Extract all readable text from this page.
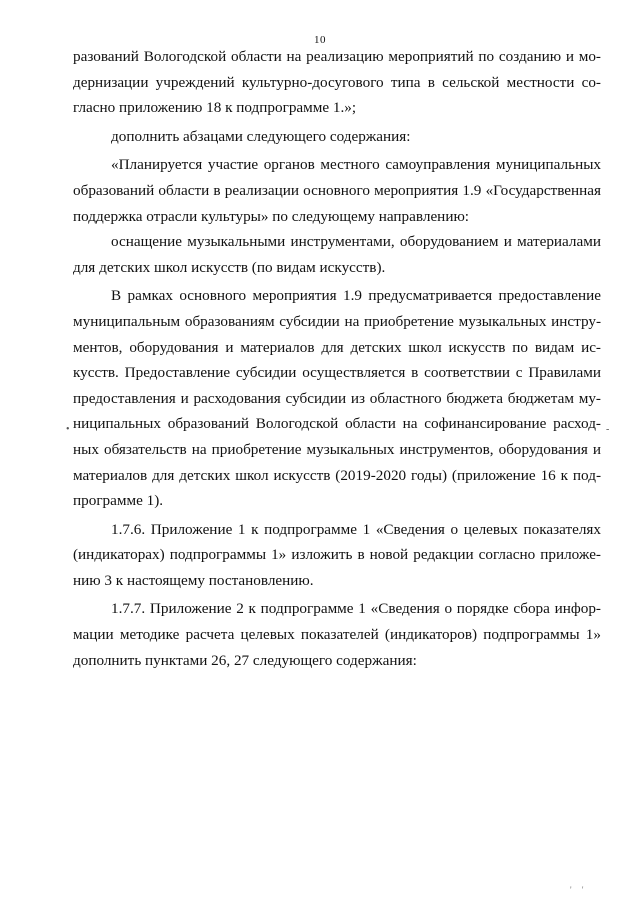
10
разований Вологодской области на реализацию мероприятий по созданию и мо-
дернизации учреждений культурно-досугового типа в сельской местности со-
гласно приложению 18 к подпрограмме 1.»;
дополнить абзацами следующего содержания:
«Планируется участие органов местного самоуправления муниципальных
образований области в реализации основного мероприятия 1.9 «Государственная
поддержка отрасли культуры» по следующему направлению:
оснащение музыкальными инструментами, оборудованием и материалами
для детских школ искусств (по видам искусств).
В рамках основного мероприятия 1.9 предусматривается предоставление
муниципальным образованиям субсидии на приобретение музыкальных инстру-
ментов, оборудования и материалов для детских школ искусств по видам ис-
кусств. Предоставление субсидии осуществляется в соответствии с Правилами
предоставления и расходования субсидии из областного бюджета бюджетам му-
ниципальных образований Вологодской области на софинансирование расход-
ных обязательств на приобретение музыкальных инструментов, оборудования и
материалов для детских школ искусств (2019-2020 годы) (приложение 16 к под-
программе 1).
1.7.6. Приложение 1 к подпрограмме 1 «Сведения о целевых показателях
(индикаторах) подпрограммы 1» изложить в новой редакции согласно приложе-
нию 3 к настоящему постановлению.
1.7.7. Приложение 2 к подпрограмме 1 «Сведения о порядке сбора инфор-
мации методике расчета целевых показателей (индикаторов) подпрограммы 1»
дополнить пунктами 26, 27 следующего содержания:
•	-
' '
